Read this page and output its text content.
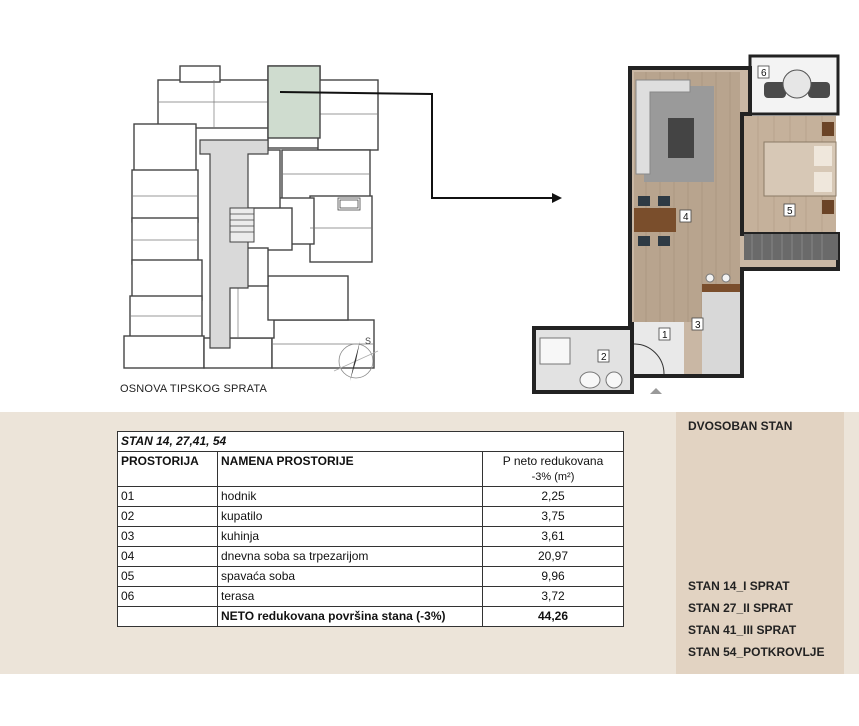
OSNOVA TIPSKOG SPRATA
S	1
2
3
4
5
6
STAN 14, 27,41, 54		
PROSTORIJA	NAMENA PROSTORIJE	P neto redukovana
-3% (m²)

01	hodnik	2,25
02	kupatilo	3,75
03	kuhinja	3,61
04	dnevna soba sa trpezarijom	20,97
05	spavaća soba	9,96
06	terasa	3,72
	NETO redukovana površina stana (-3%)	44,26
DVOSOBAN STAN
STAN 14_I SPRAT
STAN 27_II SPRAT
STAN 41_III SPRAT
STAN 54_POTKROVLJE
